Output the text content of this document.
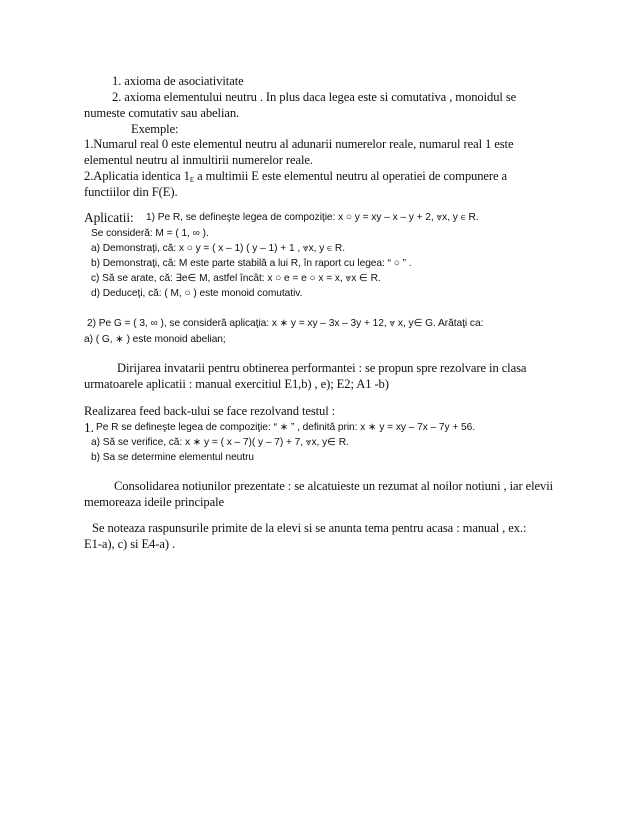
1. axioma de asociativitate
2. axioma elementului neutru . In plus daca legea este si comutativa , monoidul se
numeste comutativ sau abelian.
Exemple:
1.Numarul real 0 este elementul neutru al adunarii numerelor reale, numarul real 1 este
elementul neutru al inmultirii numerelor reale.
2.Aplicatia identica $1_E$ a multimii E este elementul neutru al operatiei de compunere a
functiilor din F(E).
Aplicatii: 1) Pe R, se defineşte legea de compoziţie: x ○ y = xy – x – y + 2, ⩔x, y ∈ R.
Se consideră: M = ( 1, ∞ ).
a) Demonstraţi, că: x ○ y = ( x – 1) ( y – 1) + 1 , ⩔x, y ∈ R.
b) Demonstraţi, că: M este parte stabilă a lui R, în raport cu legea: “ ○ ” .
c) Să se arate, că: ∃e∈ M, astfel încât: x ○ e = e ○ x = x, ⩔x ∈ R.
d) Deduceţi, că: ( M, ○ ) este monoid comutativ.
2) Pe G = ( 3, ∞ ), se consideră aplicaţia: x ∗ y = xy – 3x – 3y + 12, ⩔ x, y∈ G. Arătaţi ca:
a) ( G, ∗ ) este monoid abelian;
Dirijarea invatarii pentru obtinerea performantei : se propun spre rezolvare in clasa
urmatoarele aplicatii : manual exercitiul E1,b) , e); E2; A1 -b)
Realizarea feed back-ului se face rezolvand testul :
1. Pe R se defineşte legea de compoziţie: “ ∗ ” , definită prin: x ∗ y = xy – 7x – 7y + 56.
a) Să se verifice, că: x ∗ y = ( x – 7)( y – 7) + 7, ⩔x, y∈ R.
b) Sa se determine elementul neutru
Consolidarea notiunilor prezentate : se alcatuieste un rezumat al noilor notiuni , iar elevii
memoreaza ideile principale
Se noteaza raspunsurile primite de la elevi si se anunta tema pentru acasa : manual , ex.:
E1-a), c) si E4-a) .
